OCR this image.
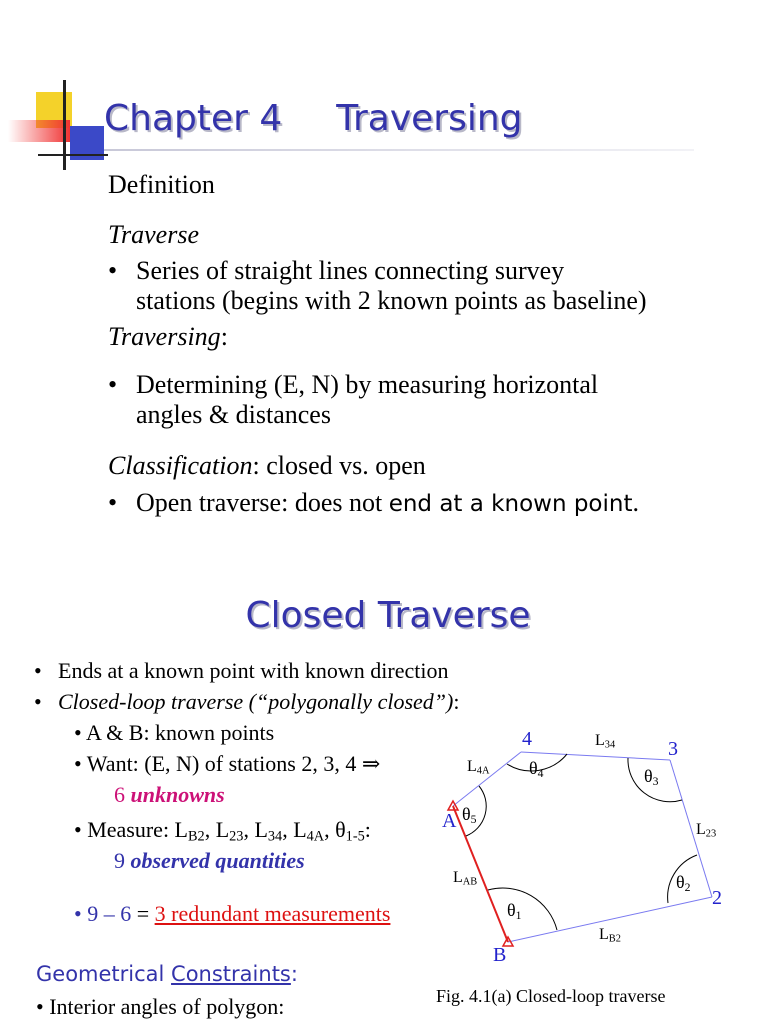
Chapter 4 Traversing
Definition
Traverse
• Series of straight lines connecting survey
stations (begins with 2 known points as baseline)
Traversing:
• Determining (E, N) by measuring horizontal
angles & distances
Classification: closed vs. open
• Open traverse: does not end at a known point.
Closed Traverse
• Ends at a known point with known direction
• Closed-loop traverse (“polygonally closed”):
• A & B: known points
• Want: (E, N) of stations 2, 3, 4 ⇒
6 unknowns
• Measure: $L_{B2}$, $L_{23}$, $L_{34}$, $L_{4A}$, $\theta_{1-5}$:
9 observed quantities
• 9 – 6 = 3 redundant measurements
Geometrical Constraints:
• Interior angles of polygon:	Fig. 4.1(a) Closed-loop traverse
4	3
2
A
B
$L_{4A}$
$L_{34}$
$L_{23}$
$L_{B2}$
$L_{AB}$
$\theta_1$
$\theta_2$
$\theta_3$
$\theta_4$
$\theta_5$
